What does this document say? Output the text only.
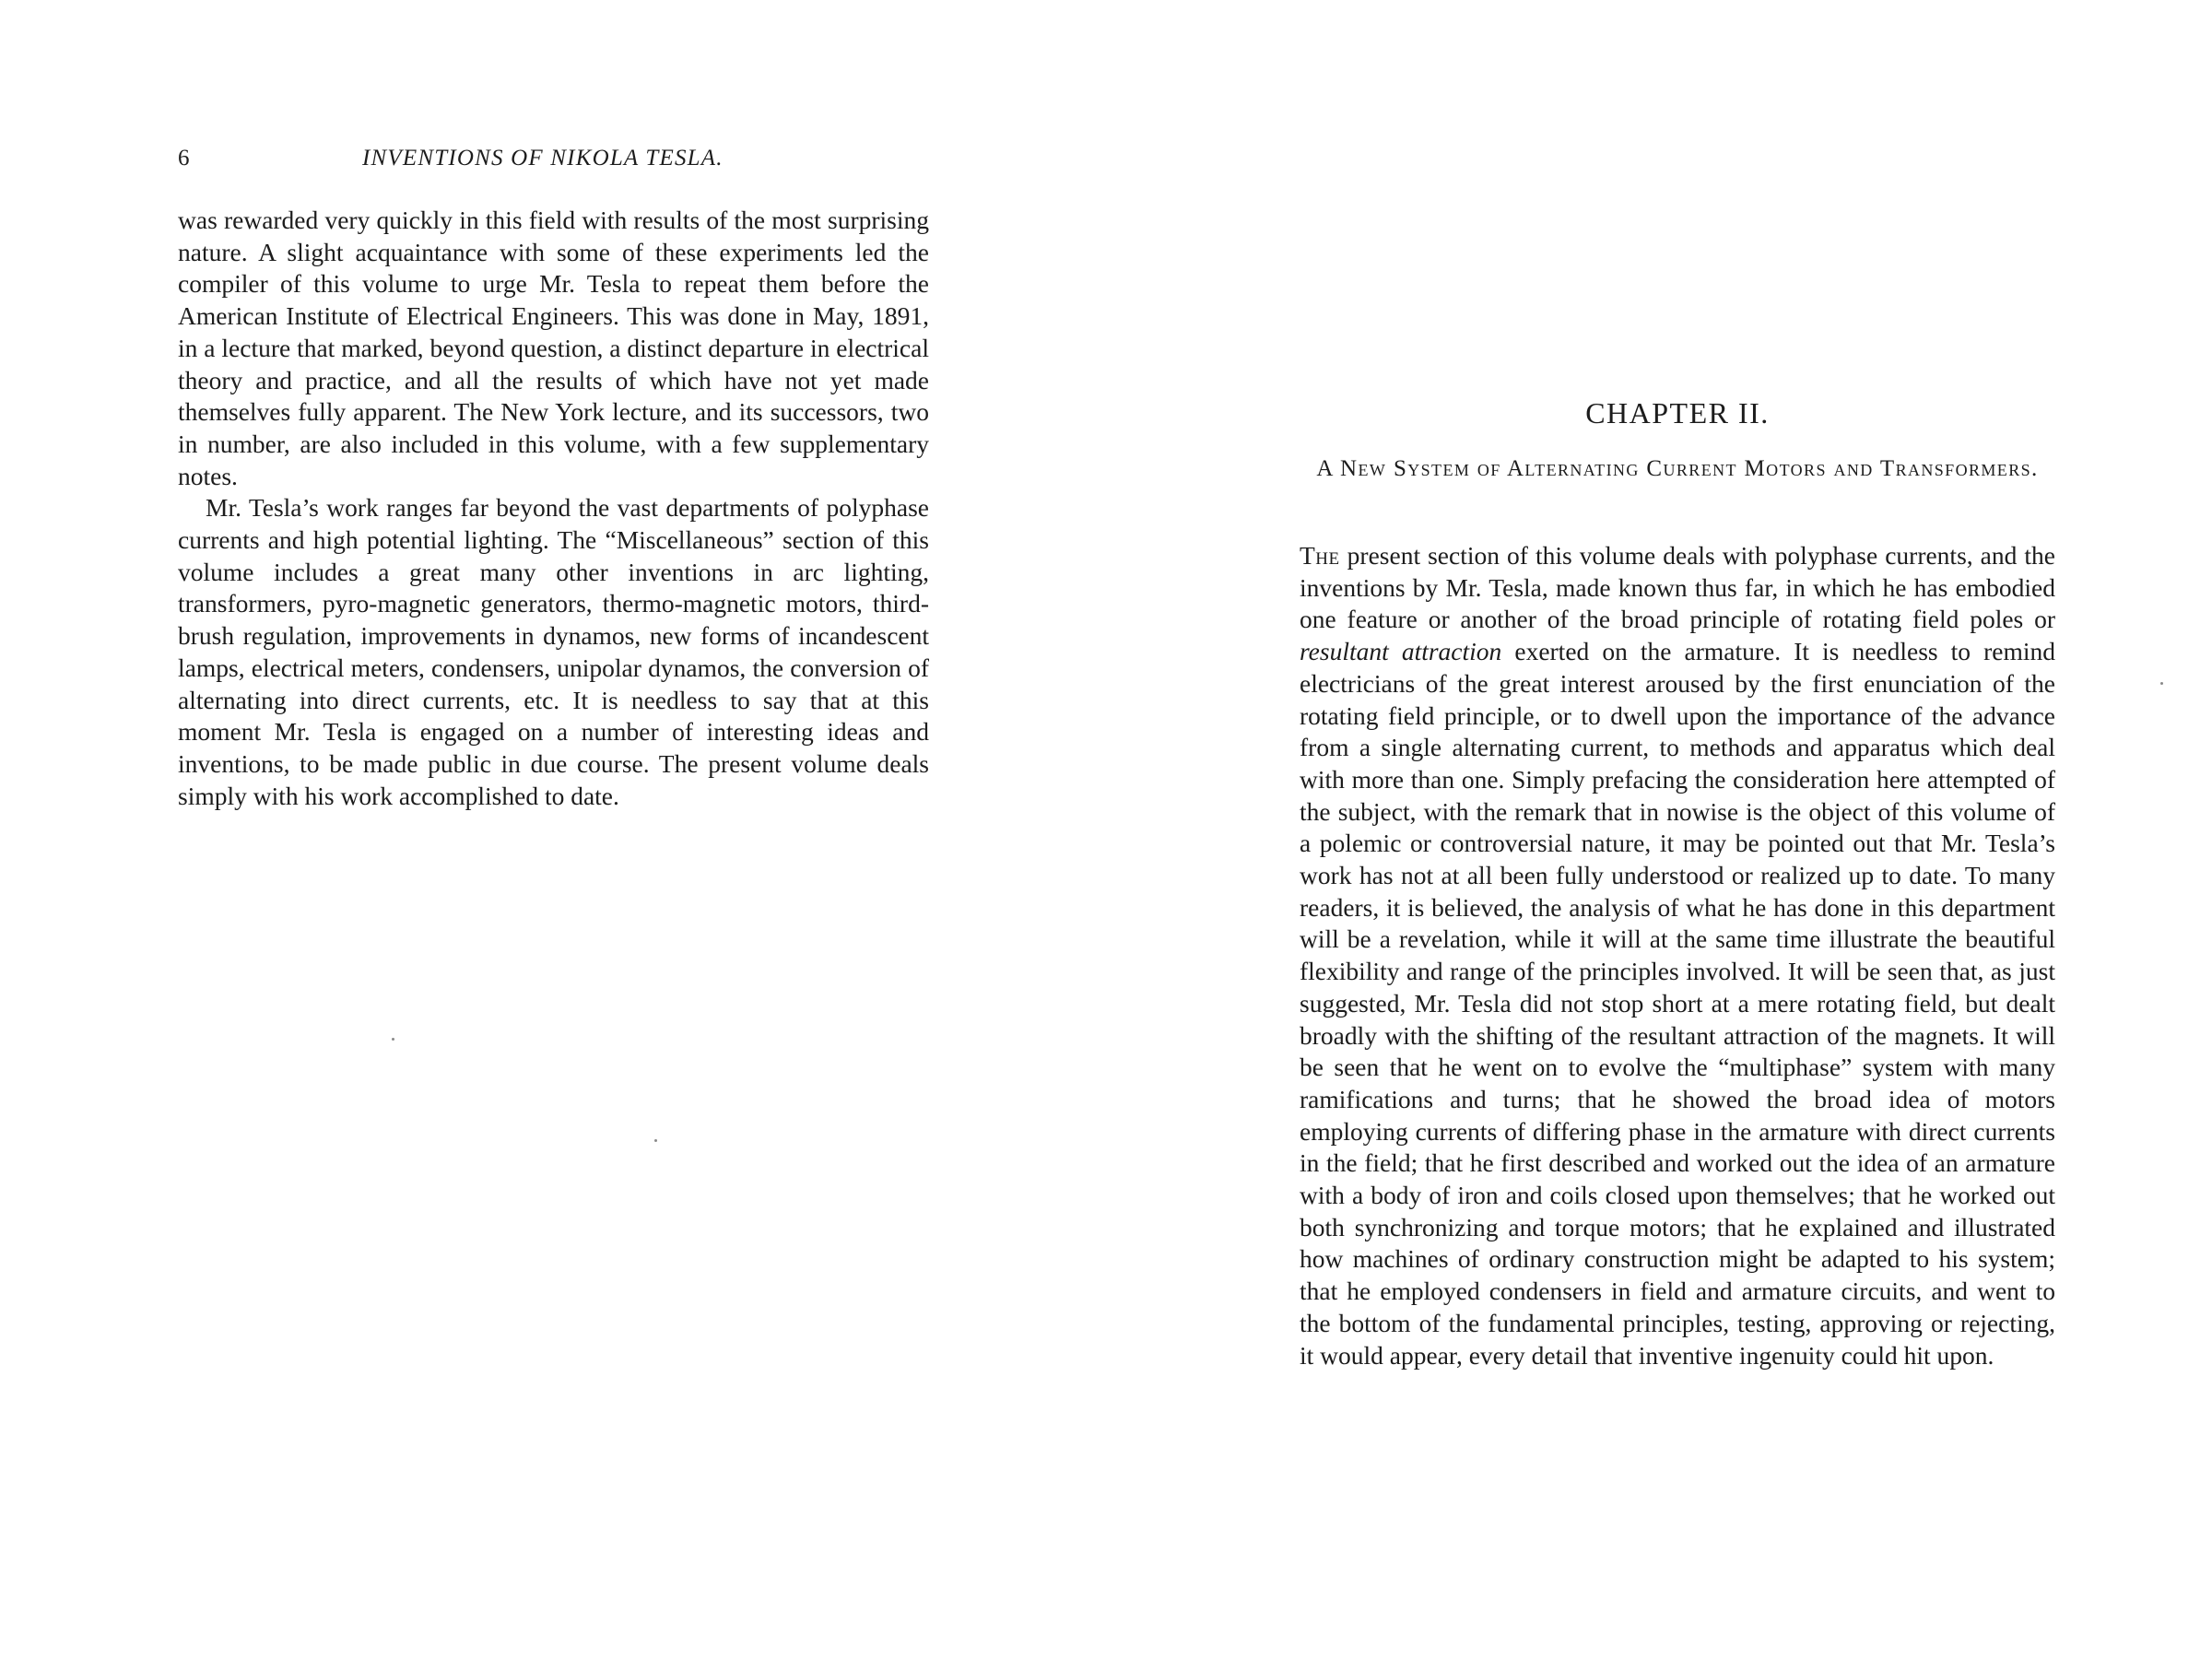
6	INVENTIONS OF NIKOLA TESLA.

was rewarded very quickly in this field with results of the most surprising nature. A slight acquaintance with some of these experiments led the compiler of this volume to urge Mr. Tesla to repeat them before the American Institute of Electrical Engineers. This was done in May, 1891, in a lecture that marked, beyond question, a distinct departure in electrical theory and practice, and all the results of which have not yet made themselves fully apparent. The New York lecture, and its successors, two in number, are also included in this volume, with a few supplementary notes.

Mr. Tesla’s work ranges far beyond the vast departments of polyphase currents and high potential lighting. The “Miscellaneous” section of this volume includes a great many other inventions in arc lighting, transformers, pyro-magnetic generators, thermo-magnetic motors, third-brush regulation, improvements in dynamos, new forms of incandescent lamps, electrical meters, condensers, unipolar dynamos, the conversion of alternating into direct currents, etc. It is needless to say that at this moment Mr. Tesla is engaged on a number of interesting ideas and inventions, to be made public in due course. The present volume deals simply with his work accomplished to date.

CHAPTER II.
A New System of Alternating Current Motors and Transformers.

The present section of this volume deals with polyphase currents, and the inventions by Mr. Tesla, made known thus far, in which he has embodied one feature or another of the broad principle of rotating field poles or resultant attraction exerted on the armature. It is needless to remind electricians of the great interest aroused by the first enunciation of the rotating field principle, or to dwell upon the importance of the advance from a single alternating current, to methods and apparatus which deal with more than one. Simply prefacing the consideration here attempted of the subject, with the remark that in nowise is the object of this volume of a polemic or controversial nature, it may be pointed out that Mr. Tesla’s work has not at all been fully understood or realized up to date. To many readers, it is believed, the analysis of what he has done in this department will be a revelation, while it will at the same time illustrate the beautiful flexibility and range of the principles involved. It will be seen that, as just suggested, Mr. Tesla did not stop short at a mere rotating field, but dealt broadly with the shifting of the resultant attraction of the magnets. It will be seen that he went on to evolve the “multiphase” system with many ramifications and turns; that he showed the broad idea of motors employing currents of differing phase in the armature with direct currents in the field; that he first described and worked out the idea of an armature with a body of iron and coils closed upon themselves; that he worked out both synchronizing and torque motors; that he explained and illustrated how machines of ordinary construction might be adapted to his system; that he employed condensers in field and armature circuits, and went to the bottom of the fundamental principles, testing, approving or rejecting, it would appear, every detail that inventive ingenuity could hit upon.
